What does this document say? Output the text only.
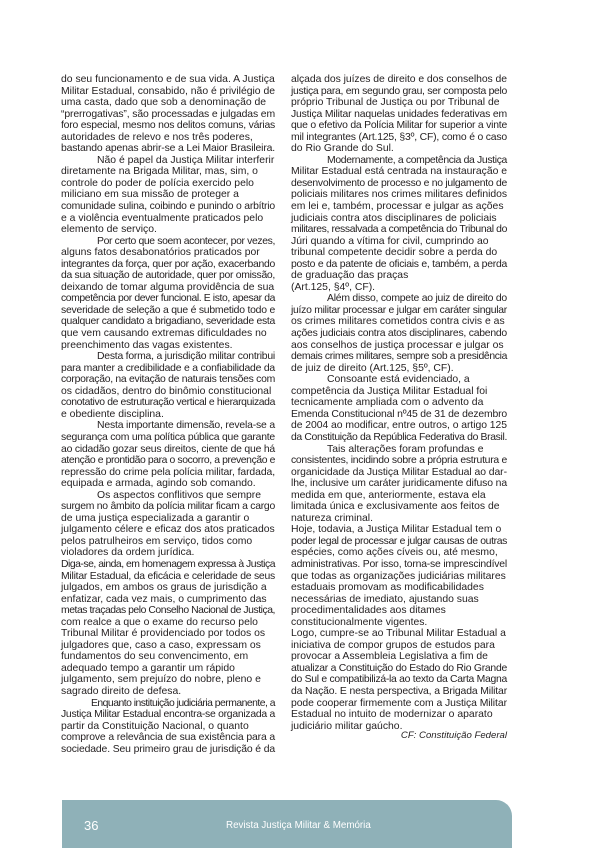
do seu funcionamento e de sua vida. A Justiça

Militar Estadual, consabido, não é privilégio de

uma casta, dado que sob a denominação de

“prerrogativas”, são processadas e julgadas em

foro especial, mesmo nos delitos comuns, várias

autoridades de relevo e nos três poderes,

bastando apenas abrir-se a Lei Maior Brasileira.

Não é papel da Justiça Militar interferir

diretamente na Brigada Militar, mas, sim, o

controle do poder de polícia exercido pelo

miliciano em sua missão de proteger a

comunidade sulina, coibindo e punindo o arbítrio

e a violência eventualmente praticados pelo

elemento de serviço.

Por certo que soem acontecer, por vezes,

alguns fatos desabonatórios praticados por

integrantes da força, quer por ação, exacerbando

da sua situação de autoridade, quer por omissão,

deixando de tomar alguma providência de sua

competência por dever funcional. E isto, apesar da

severidade de seleção a que é submetido todo e

qualquer candidato a brigadiano, severidade esta

que vem causando extremas dificuldades no

preenchimento das vagas existentes.

Desta forma, a jurisdição militar contribui

para manter a credibilidade e a confiabilidade da

corporação, na evitação de naturais tensões com

os cidadãos, dentro do binômio constitucional

conotativo de estruturação vertical e hierarquizada

e obediente disciplina.

Nesta importante dimensão, revela-se a

segurança com uma política pública que garante

ao cidadão gozar seus direitos, ciente de que há

atenção e prontidão para o socorro, a prevenção e

repressão do crime pela polícia militar, fardada,

equipada e armada, agindo sob comando.

Os aspectos conflitivos que sempre

surgem no âmbito da polícia militar ficam a cargo

de uma justiça especializada a garantir o

julgamento célere e eficaz dos atos praticados

pelos patrulheiros em serviço, tidos como

violadores da ordem jurídica.

Diga-se, ainda, em homenagem expressa à Justiça

Militar Estadual, da eficácia e celeridade de seus

julgados, em ambos os graus de jurisdição a

enfatizar, cada vez mais, o cumprimento das

metas traçadas pelo Conselho Nacional de Justiça,

com realce a que o exame do recurso pelo

Tribunal Militar é providenciado por todos os

julgadores que, caso a caso, expressam os

fundamentos do seu convencimento, em

adequado tempo a garantir um rápido

julgamento, sem prejuízo do nobre, pleno e

sagrado direito de defesa.

Enquanto instituição judiciária permanente, a

Justiça Militar Estadual encontra-se organizada a

partir da Constituição Nacional, o quanto

comprove a relevância de sua existência para a

sociedade. Seu primeiro grau de jurisdição é da

alçada dos juízes de direito e dos conselhos de

justiça para, em segundo grau, ser composta pelo

próprio Tribunal de Justiça ou por Tribunal de

Justiça Militar naquelas unidades federativas em

que o efetivo da Polícia Militar for superior a vinte

mil integrantes (Art.125, §3º, CF), como é o caso

do Rio Grande do Sul.

Modernamente, a competência da Justiça

Militar Estadual está centrada na instauração e

desenvolvimento de processo e no julgamento de

policiais militares nos crimes militares definidos

em lei e, também, processar e julgar as ações

judiciais contra atos disciplinares de policiais

militares, ressalvada a competência do Tribunal do

Júri quando a vítima for civil, cumprindo ao

tribunal competente decidir sobre a perda do

posto e da patente de oficiais e, também, a perda

de graduação das praças

(Art.125, §4º, CF).

Além disso, compete ao juiz de direito do

juízo militar processar e julgar em caráter singular

os crimes militares cometidos contra civis e as

ações judiciais contra atos disciplinares, cabendo

aos conselhos de justiça processar e julgar os

demais crimes militares, sempre sob a presidência

de juiz de direito (Art.125, §5º, CF).

Consoante está evidenciado, a

competência da Justiça Militar Estadual foi

tecnicamente ampliada com o advento da

Emenda Constitucional nº45 de 31 de dezembro

de 2004 ao modificar, entre outros, o artigo 125

da Constituição da República Federativa do Brasil.

Tais alterações foram profundas e

consistentes, incidindo sobre a própria estrutura e

organicidade da Justiça Militar Estadual ao dar-

lhe, inclusive um caráter juridicamente difuso na

medida em que, anteriormente, estava ela

limitada única e exclusivamente aos feitos de

natureza criminal.

Hoje, todavia, a Justiça Militar Estadual tem o

poder legal de processar e julgar causas de outras

espécies, como ações cíveis ou, até mesmo,

administrativas. Por isso, torna-se imprescindível

que todas as organizações judiciárias militares

estaduais promovam as modificabilidades

necessárias de imediato, ajustando suas

procedimentalidades aos ditames

constitucionalmente vigentes.

Logo, cumpre-se ao Tribunal Militar Estadual a

iniciativa de compor grupos de estudos para

provocar a Assembleia Legislativa a fim de

atualizar a Constituição do Estado do Rio Grande

do Sul e compatibilizá-la ao texto da Carta Magna

da Nação. E nesta perspectiva, a Brigada Militar

pode cooperar firmemente com a Justiça Militar

Estadual no intuito de modernizar o aparato

judiciário militar gaúcho.

CF: Constituição Federal
36	Revista Justiça Militar & Memória
